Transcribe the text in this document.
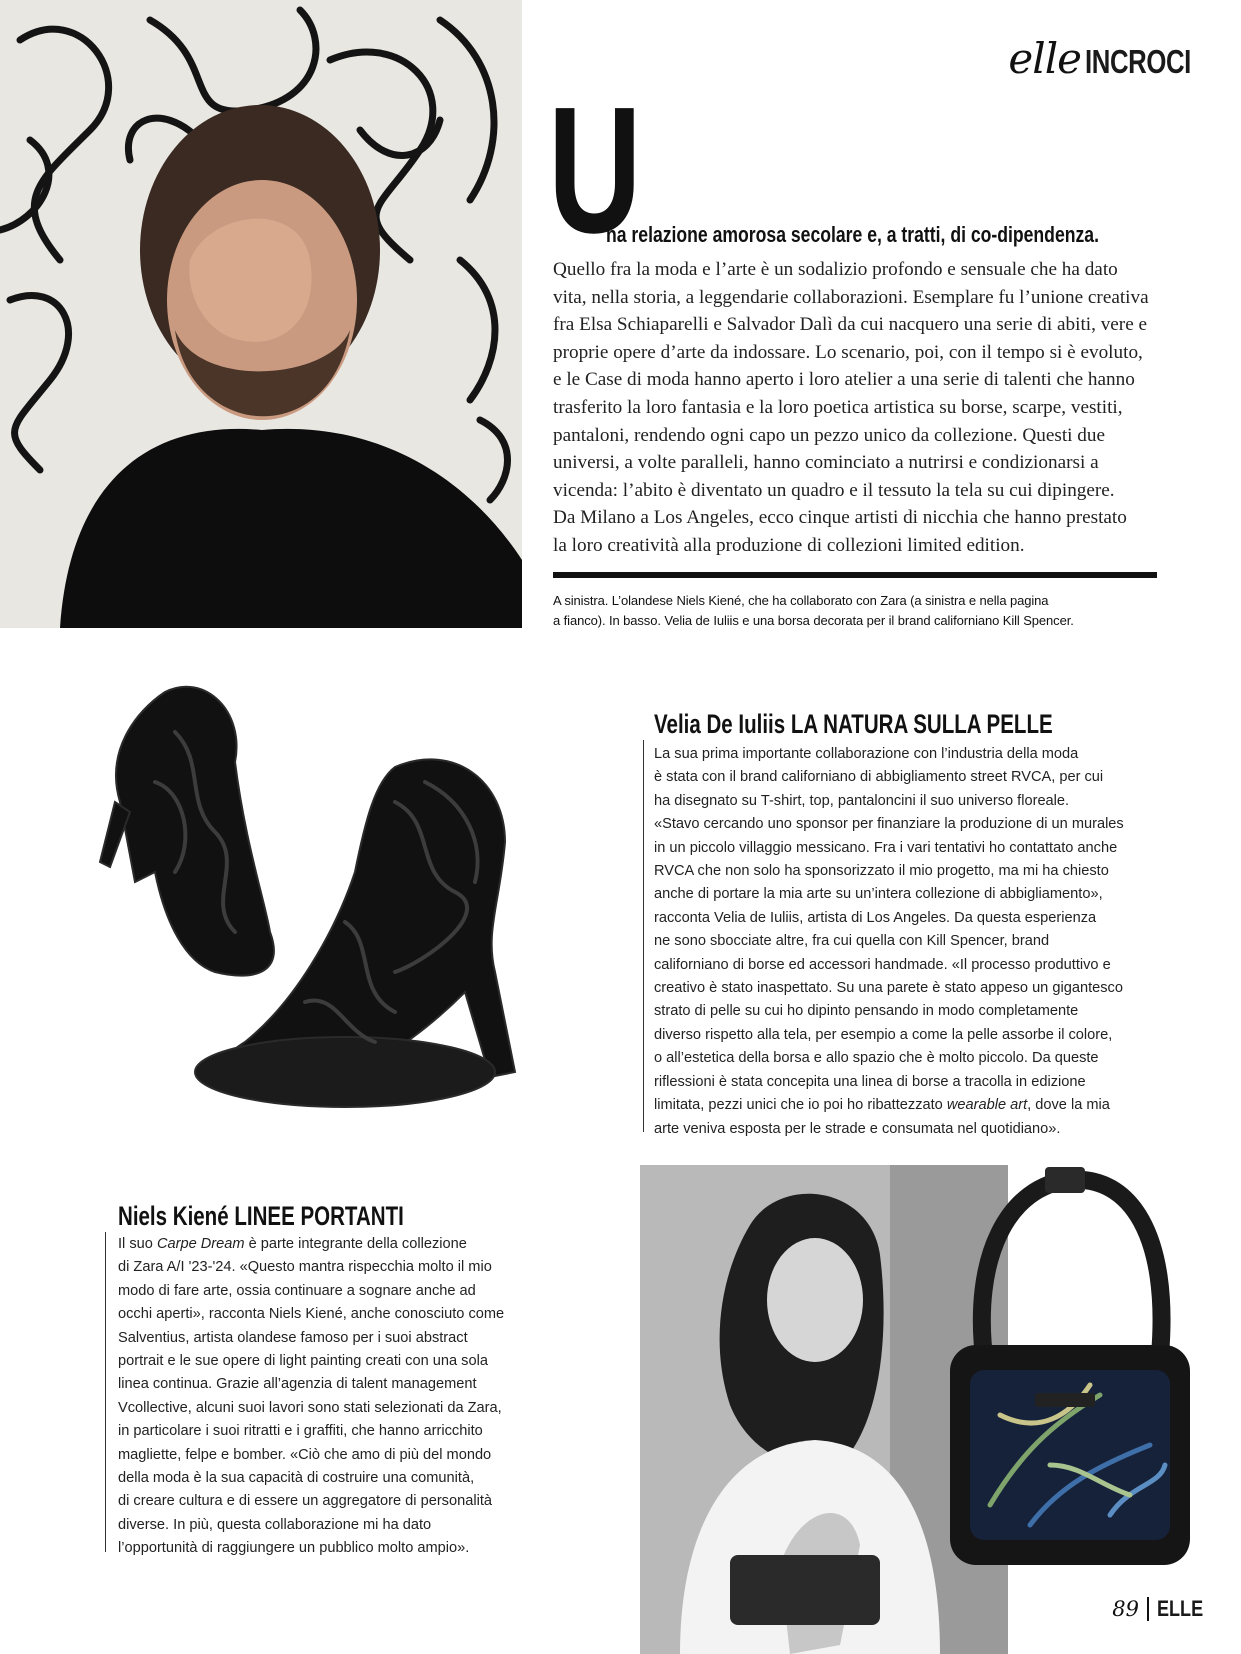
elle INCROCI
U
na relazione amorosa secolare e, a tratti, di co-dipendenza.
Quello fra la moda e l’arte è un sodalizio profondo e sensuale che ha dato
vita, nella storia, a leggendarie collaborazioni. Esemplare fu l’unione creativa
fra Elsa Schiaparelli e Salvador Dalì da cui nacquero una serie di abiti, vere e
proprie opere d’arte da indossare. Lo scenario, poi, con il tempo si è evoluto,
e le Case di moda hanno aperto i loro atelier a una serie di talenti che hanno
trasferito la loro fantasia e la loro poetica artistica su borse, scarpe, vestiti,
pantaloni, rendendo ogni capo un pezzo unico da collezione. Questi due
universi, a volte paralleli, hanno cominciato a nutrirsi e condizionarsi a
vicenda: l’abito è diventato un quadro e il tessuto la tela su cui dipingere.
Da Milano a Los Angeles, ecco cinque artisti di nicchia che hanno prestato
la loro creatività alla produzione di collezioni limited edition.
A sinistra. L’olandese Niels Kiené, che ha collaborato con Zara (a sinistra e nella pagina
a fianco). In basso. Velia de Iuliis e una borsa decorata per il brand californiano Kill Spencer.
Velia De Iuliis LA NATURA SULLA PELLE
La sua prima importante collaborazione con l’industria della moda
è stata con il brand californiano di abbigliamento street RVCA, per cui
ha disegnato su T-shirt, top, pantaloncini il suo universo floreale.
«Stavo cercando uno sponsor per finanziare la produzione di un murales
in un piccolo villaggio messicano. Fra i vari tentativi ho contattato anche
RVCA che non solo ha sponsorizzato il mio progetto, ma mi ha chiesto
anche di portare la mia arte su un’intera collezione di abbigliamento»,
racconta Velia de Iuliis, artista di Los Angeles. Da questa esperienza
ne sono sbocciate altre, fra cui quella con Kill Spencer, brand
californiano di borse ed accessori handmade. «Il processo produttivo e
creativo è stato inaspettato. Su una parete è stato appeso un gigantesco
strato di pelle su cui ho dipinto pensando in modo completamente
diverso rispetto alla tela, per esempio a come la pelle assorbe il colore,
o all’estetica della borsa e allo spazio che è molto piccolo. Da queste
riflessioni è stata concepita una linea di borse a tracolla in edizione
limitata, pezzi unici che io poi ho ribattezzato wearable art, dove la mia
arte veniva esposta per le strade e consumata nel quotidiano».
Niels Kiené LINEE PORTANTI
Il suo Carpe Dream è parte integrante della collezione
di Zara A/I '23-'24. «Questo mantra rispecchia molto il mio
modo di fare arte, ossia continuare a sognare anche ad
occhi aperti», racconta Niels Kiené, anche conosciuto come
Salventius, artista olandese famoso per i suoi abstract
portrait e le sue opere di light painting creati con una sola
linea continua. Grazie all’agenzia di talent management
Vcollective, alcuni suoi lavori sono stati selezionati da Zara,
in particolare i suoi ritratti e i graffiti, che hanno arricchito
magliette, felpe e bomber. «Ciò che amo di più del mondo
della moda è la sua capacità di costruire una comunità,
di creare cultura e di essere un aggregatore di personalità
diverse. In più, questa collaborazione mi ha dato
l’opportunità di raggiungere un pubblico molto ampio».
89 ELLE
